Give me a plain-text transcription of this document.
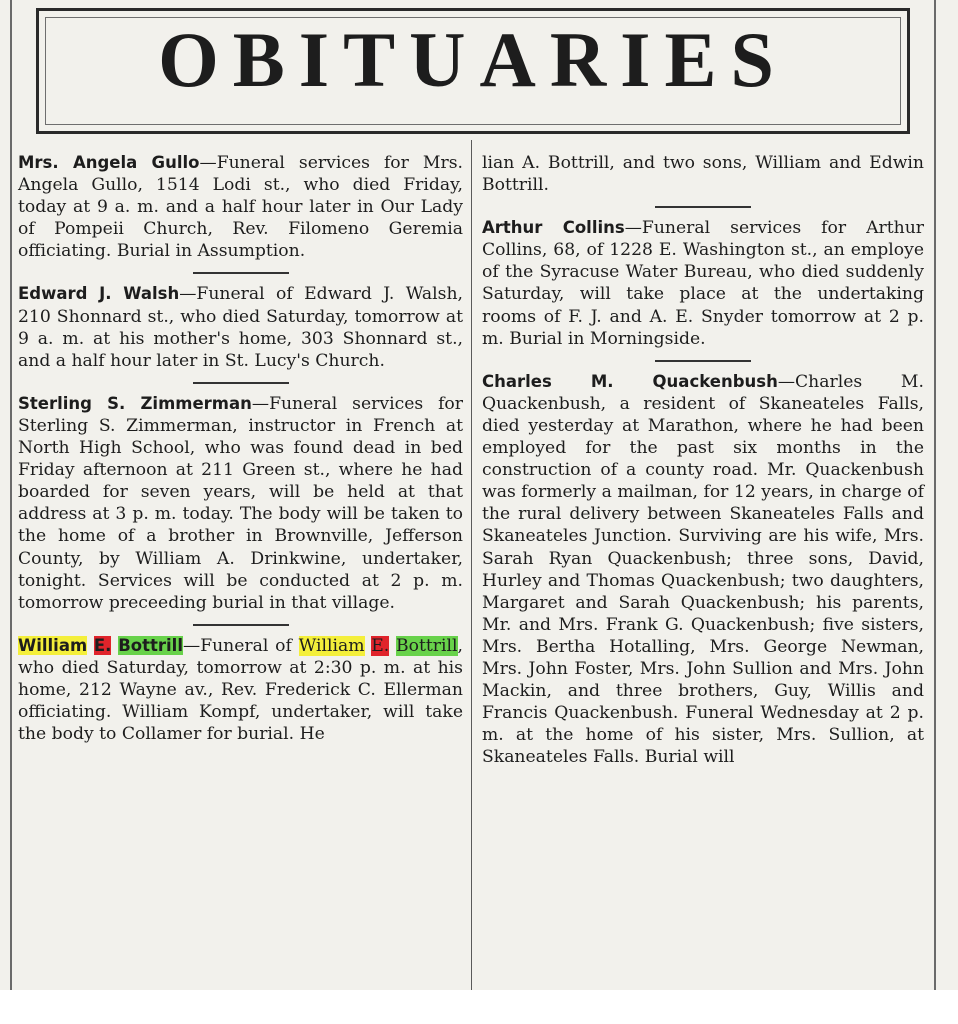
OBITUARIES

Mrs. Angela Gullo—Funeral services for Mrs. Angela Gullo, 1514 Lodi st., who died Friday, today at 9 a. m. and a half hour later in Our Lady of Pompeii Church, Rev. Filomeno Geremia officiating. Burial in Assumption.

Edward J. Walsh—Funeral of Edward J. Walsh, 210 Shonnard st., who died Saturday, tomorrow at 9 a. m. at his mother's home, 303 Shonnard st., and a half hour later in St. Lucy's Church.

Sterling S. Zimmerman—Funeral services for Sterling S. Zimmerman, instructor in French at North High School, who was found dead in bed Friday afternoon at 211 Green st., where he had boarded for seven years, will be held at that address at 3 p. m. today. The body will be taken to the home of a brother in Brownville, Jefferson County, by William A. Drinkwine, undertaker, tonight. Services will be conducted at 2 p. m. tomorrow preceeding burial in that village.

William E. Bottrill—Funeral of William E. Bottrill, who died Saturday, tomorrow at 2:30 p. m. at his home, 212 Wayne av., Rev. Frederick C. Ellerman officiating. William Kompf, undertaker, will take the body to Collamer for burial. He

lian A. Bottrill, and two sons, William and Edwin Bottrill.

Arthur Collins—Funeral services for Arthur Collins, 68, of 1228 E. Washington st., an employe of the Syracuse Water Bureau, who died suddenly Saturday, will take place at the undertaking rooms of F. J. and A. E. Snyder tomorrow at 2 p. m. Burial in Morningside.

Charles M. Quackenbush—Charles M. Quackenbush, a resident of Skaneateles Falls, died yesterday at Marathon, where he had been employed for the past six months in the construction of a county road. Mr. Quackenbush was formerly a mailman, for 12 years, in charge of the rural delivery between Skaneateles Falls and Skaneateles Junction. Surviving are his wife, Mrs. Sarah Ryan Quackenbush; three sons, David, Hurley and Thomas Quackenbush; two daughters, Margaret and Sarah Quackenbush; his parents, Mr. and Mrs. Frank G. Quackenbush; five sisters, Mrs. Bertha Hotalling, Mrs. George Newman, Mrs. John Foster, Mrs. John Sullion and Mrs. John Mackin, and three brothers, Guy, Willis and Francis Quackenbush. Funeral Wednesday at 2 p. m. at the home of his sister, Mrs. Sullion, at Skaneateles Falls. Burial will
